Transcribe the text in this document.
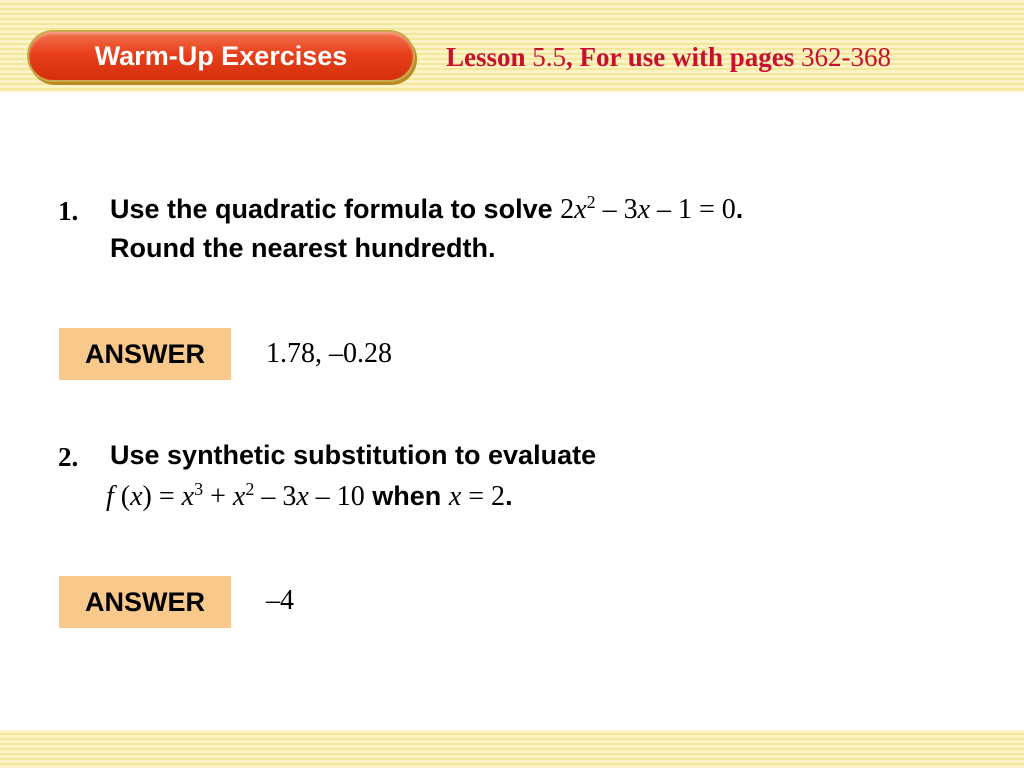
Warm-Up Exercises	Lesson 5.5, For use with pages 362-368
1. Use the quadratic formula to solve $2x^2 - 3x - 1 = 0$.
Round the nearest hundredth.
ANSWER	1.78, –0.28
2. Use synthetic substitution to evaluate
f $(x) = x^3 + x^2 - 3x - 10$ when x = 2.
ANSWER	–4
